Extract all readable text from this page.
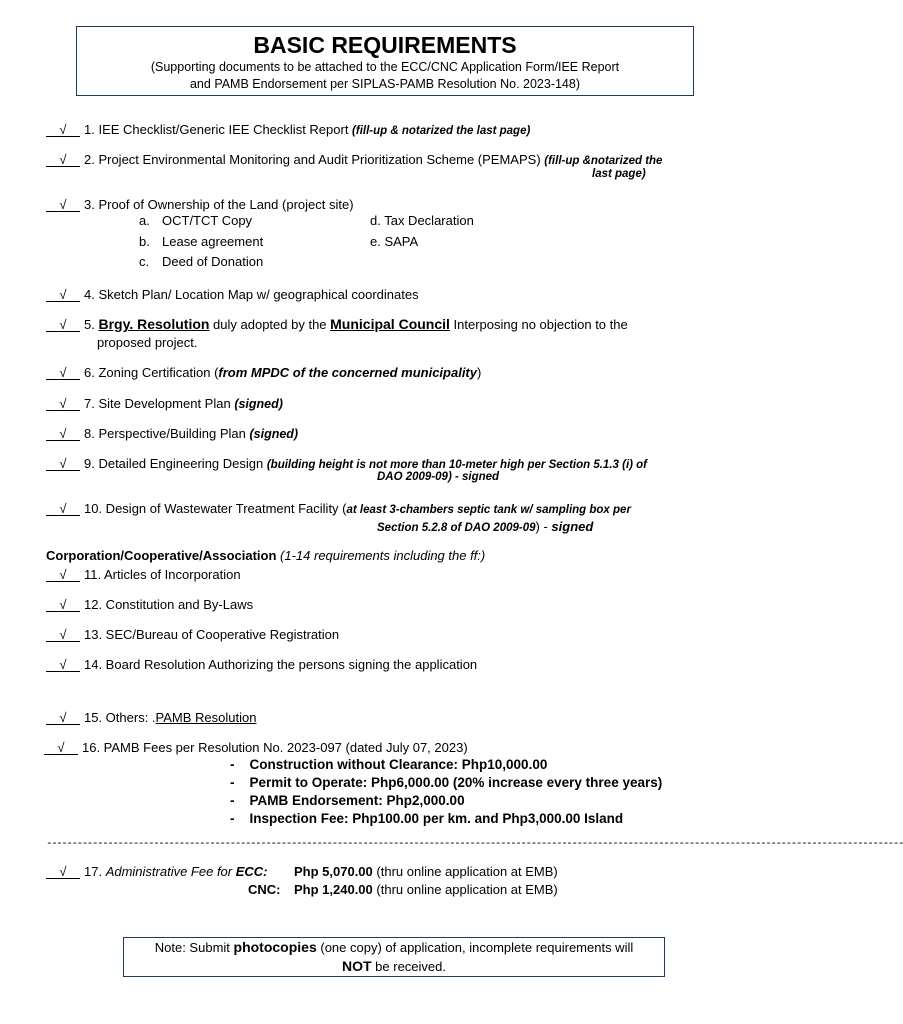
BASIC REQUIREMENTS
(Supporting documents to be attached to the ECC/CNC Application Form/IEE Report
and PAMB Endorsement per SIPLAS-PAMB Resolution No. 2023-148)
√ 1. IEE Checklist/Generic IEE Checklist Report (fill-up & notarized the last page)
√ 2. Project Environmental Monitoring and Audit Prioritization Scheme (PEMAPS) (fill-up &notarized the
last page)
√ 3. Proof of Ownership of the Land (project site)
a. OCT/TCT Copy
b. Lease agreement
c. Deed of Donation
d. Tax Declaration
e. SAPA
√ 4. Sketch Plan/ Location Map w/ geographical coordinates
√ 5. Brgy. Resolution duly adopted by the Municipal Council Interposing no objection to the
proposed project.
√ 6. Zoning Certification (from MPDC of the concerned municipality)
√ 7. Site Development Plan (signed)
√ 8. Perspective/Building Plan (signed)
√ 9. Detailed Engineering Design (building height is not more than 10-meter high per Section 5.1.3 (i) of
DAO 2009-09) - signed
√ 10. Design of Wastewater Treatment Facility (at least 3-chambers septic tank w/ sampling box per
Section 5.2.8 of DAO 2009-09) - signed
Corporation/Cooperative/Association (1-14 requirements including the ff:)
√ 11. Articles of Incorporation
√ 12. Constitution and By-Laws
√ 13. SEC/Bureau of Cooperative Registration
√ 14. Board Resolution Authorizing the persons signing the application
√ 15. Others: .PAMB Resolution
√ 16. PAMB Fees per Resolution No. 2023-097 (dated July 07, 2023)
- Construction without Clearance: Php10,000.00
- Permit to Operate: Php6,000.00 (20% increase every three years)
- PAMB Endorsement: Php2,000.00
- Inspection Fee: Php100.00 per km. and Php3,000.00 Island
------------------------------------------------------------------------------------------------------------------------------------------------------------------------
√ 17. Administrative Fee for ECC: Php 5,070.00 (thru online application at EMB)
CNC: Php 1,240.00 (thru online application at EMB)
Note: Submit photocopies (one copy) of application, incomplete requirements will
NOT be received.
